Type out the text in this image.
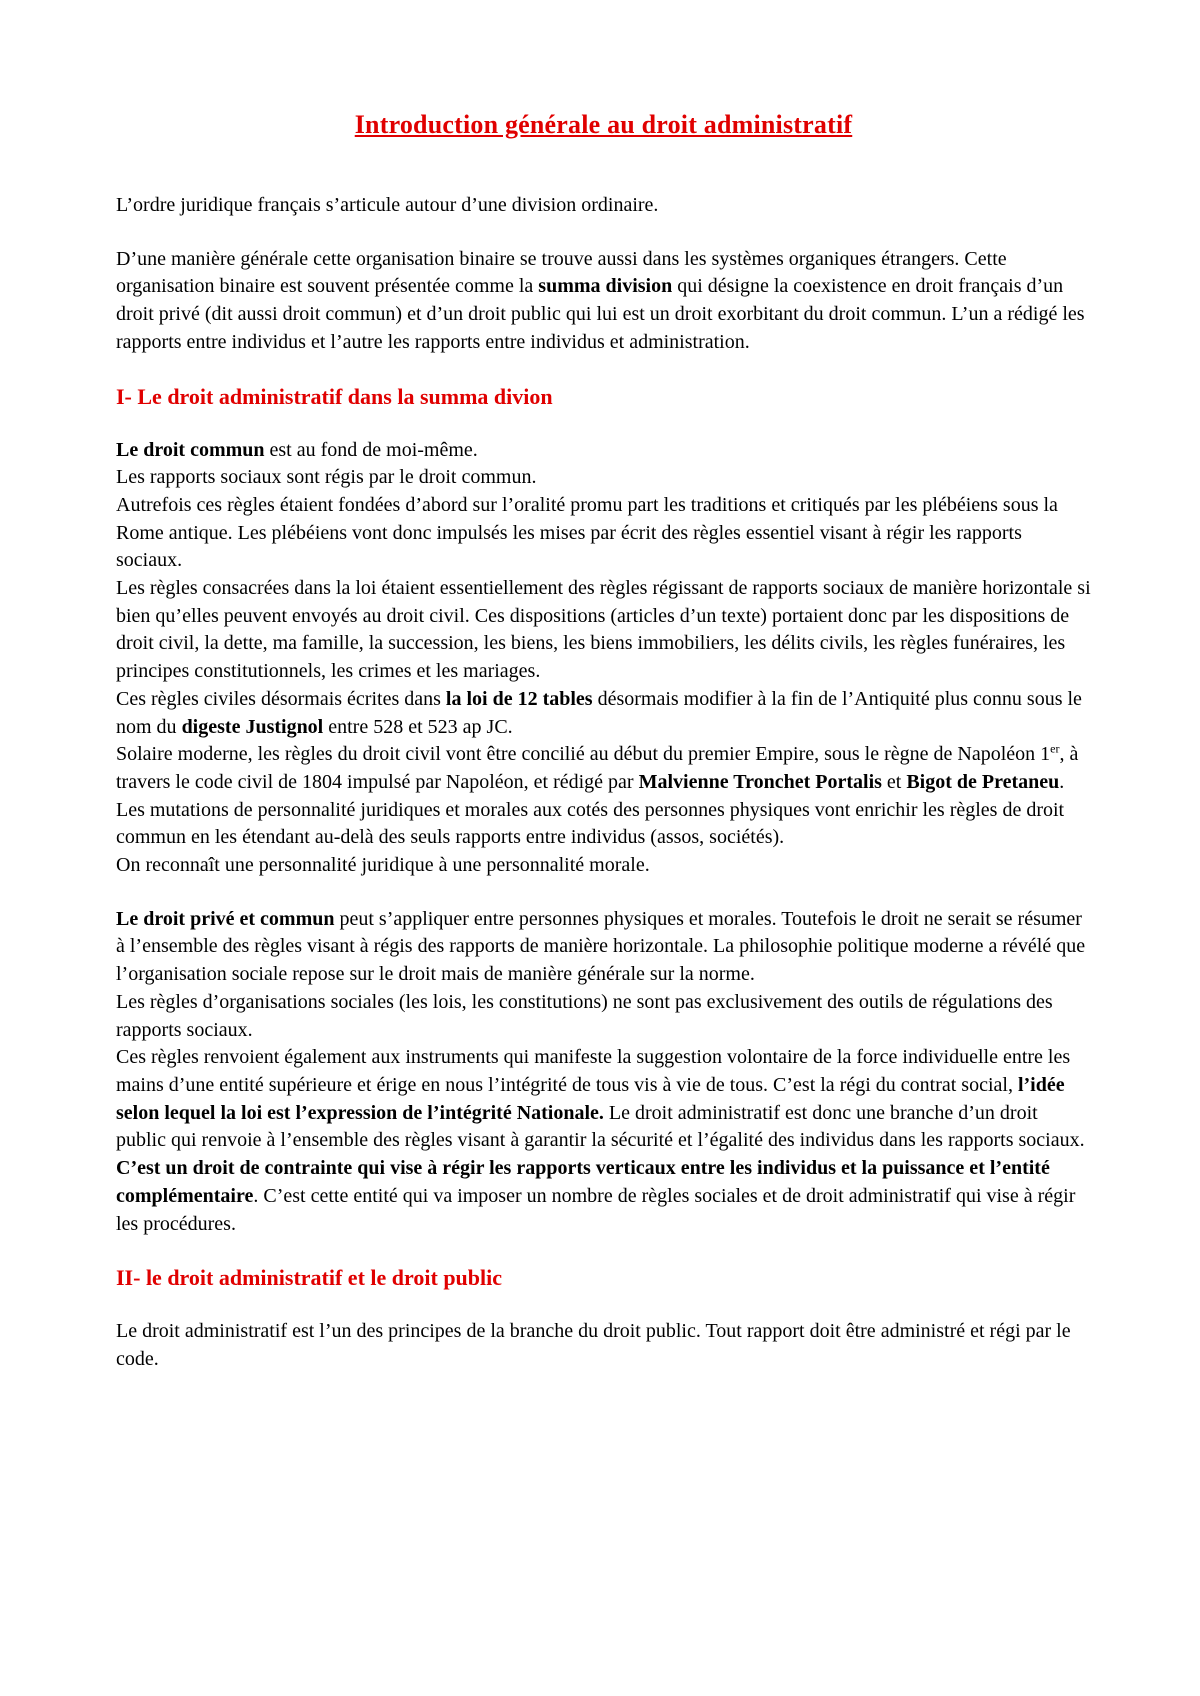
Introduction générale au droit administratif

L’ordre juridique français s’articule autour d’une division ordinaire.

D’une manière générale cette organisation binaire se trouve aussi dans les systèmes organiques étrangers. Cette organisation binaire est souvent présentée comme la summa division qui désigne la coexistence en droit français d’un droit privé (dit aussi droit commun) et d’un droit public qui lui est un droit exorbitant du droit commun. L’un a rédigé les rapports entre individus et l’autre les rapports entre individus et administration.

I- Le droit administratif dans la summa divion

Le droit commun est au fond de moi-même.

Les rapports sociaux sont régis par le droit commun.

Autrefois ces règles étaient fondées d’abord sur l’oralité promu part les traditions et critiqués par les plébéiens sous la Rome antique. Les plébéiens vont donc impulsés les mises par écrit des règles essentiel visant à régir les rapports sociaux.

Les règles consacrées dans la loi étaient essentiellement des règles régissant de rapports sociaux de manière horizontale si bien qu’elles peuvent envoyés au droit civil. Ces dispositions (articles d’un texte) portaient donc par les dispositions de droit civil, la dette, ma famille, la succession, les biens, les biens immobiliers, les délits civils, les règles funéraires, les principes constitutionnels, les crimes et les mariages.

Ces règles civiles désormais écrites dans la loi de 12 tables désormais modifier à la fin de l’Antiquité plus connu sous le nom du digeste Justignol entre 528 et 523 ap JC.

Solaire moderne, les règles du droit civil vont être concilié au début du premier Empire, sous le règne de Napoléon 1er, à travers le code civil de 1804 impulsé par Napoléon, et rédigé par Malvienne Tronchet Portalis et Bigot de Pretaneu.

Les mutations de personnalité juridiques et morales aux cotés des personnes physiques vont enrichir les règles de droit commun en les étendant au-delà des seuls rapports entre individus (assos, sociétés).

On reconnaît une personnalité juridique à une personnalité morale.

Le droit privé et commun peut s’appliquer entre personnes physiques et morales. Toutefois le droit ne serait se résumer à l’ensemble des règles visant à régis des rapports de manière horizontale. La philosophie politique moderne a révélé que l’organisation sociale repose sur le droit mais de manière générale sur la norme.

Les règles d’organisations sociales (les lois, les constitutions) ne sont pas exclusivement des outils de régulations des rapports sociaux.

Ces règles renvoient également aux instruments qui manifeste la suggestion volontaire de la force individuelle entre les mains d’une entité supérieure et érige en nous l’intégrité de tous vis à vie de tous. C’est la régi du contrat social, l’idée selon lequel la loi est l’expression de l’intégrité Nationale. Le droit administratif est donc une branche d’un droit public qui renvoie à l’ensemble des règles visant à garantir la sécurité et l’égalité des individus dans les rapports sociaux. C’est un droit de contrainte qui vise à régir les rapports verticaux entre les individus et la puissance et l’entité complémentaire. C’est cette entité qui va imposer un nombre de règles sociales et de droit administratif qui vise à régir les procédures.

II- le droit administratif et le droit public

Le droit administratif est l’un des principes de la branche du droit public. Tout rapport doit être administré et régi par le code.
